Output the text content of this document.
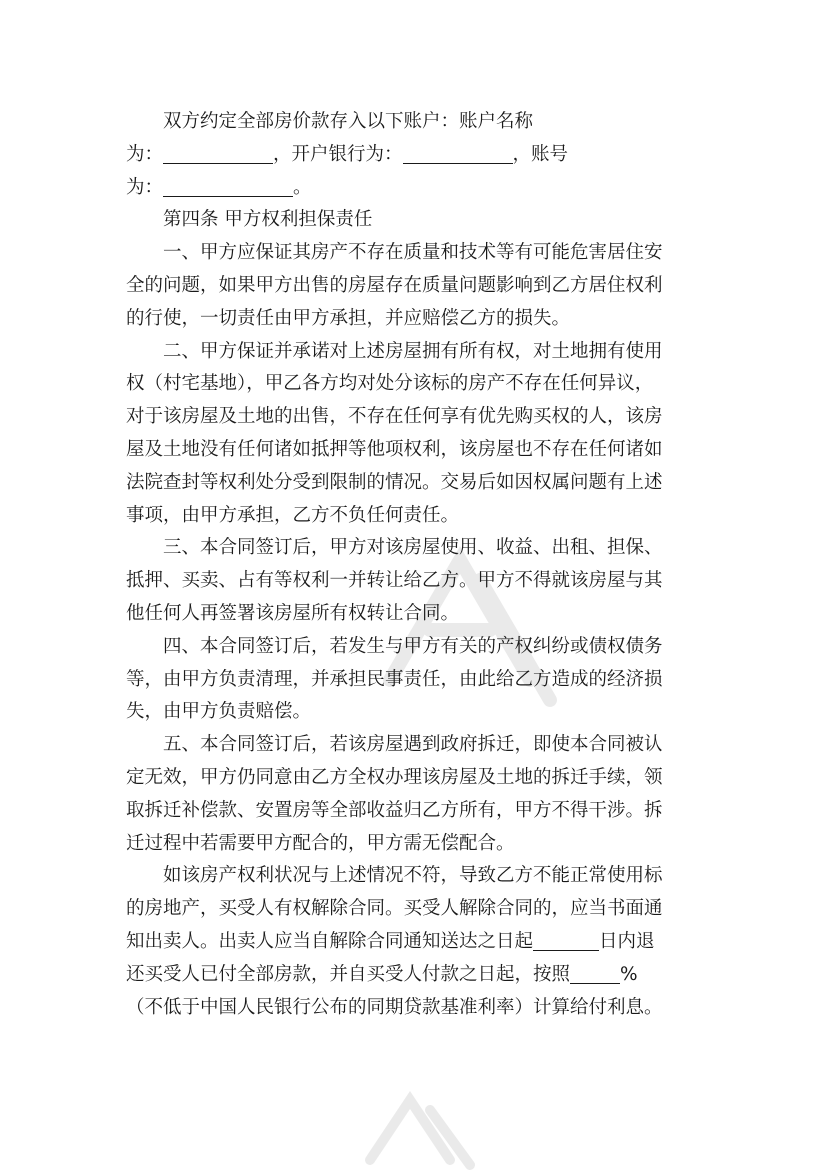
双方约定全部房价款存入以下账户：账户名称
为：	，开户银行为：	，账号
为：	。
第四条 甲方权利担保责任
一、甲方应保证其房产不存在质量和技术等有可能危害居住安
全的问题，如果甲方出售的房屋存在质量问题影响到乙方居住权利
的行使，一切责任由甲方承担，并应赔偿乙方的损失。
二、甲方保证并承诺对上述房屋拥有所有权，对土地拥有使用
权（村宅基地），甲乙各方均对处分该标的房产不存在任何异议，
对于该房屋及土地的出售，不存在任何享有优先购买权的人，该房
屋及土地没有任何诸如抵押等他项权利，该房屋也不存在任何诸如
法院查封等权利处分受到限制的情况。交易后如因权属问题有上述
事项，由甲方承担，乙方不负任何责任。
三、本合同签订后，甲方对该房屋使用、收益、出租、担保、
抵押、买卖、占有等权利一并转让给乙方。甲方不得就该房屋与其
他任何人再签署该房屋所有权转让合同。
四、本合同签订后，若发生与甲方有关的产权纠纷或债权债务
等，由甲方负责清理，并承担民事责任，由此给乙方造成的经济损
失，由甲方负责赔偿。
五、本合同签订后，若该房屋遇到政府拆迁，即使本合同被认
定无效，甲方仍同意由乙方全权办理该房屋及土地的拆迁手续，领
取拆迁补偿款、安置房等全部收益归乙方所有，甲方不得干涉。拆
迁过程中若需要甲方配合的，甲方需无偿配合。
如该房产权利状况与上述情况不符，导致乙方不能正常使用标
的房地产，买受人有权解除合同。买受人解除合同的，应当书面通
知出卖人。出卖人应当自解除合同通知送达之日起	日内退
还买受人已付全部房款，并自买受人付款之日起，按照	%
（不低于中国人民银行公布的同期贷款基准利率）计算给付利息。
